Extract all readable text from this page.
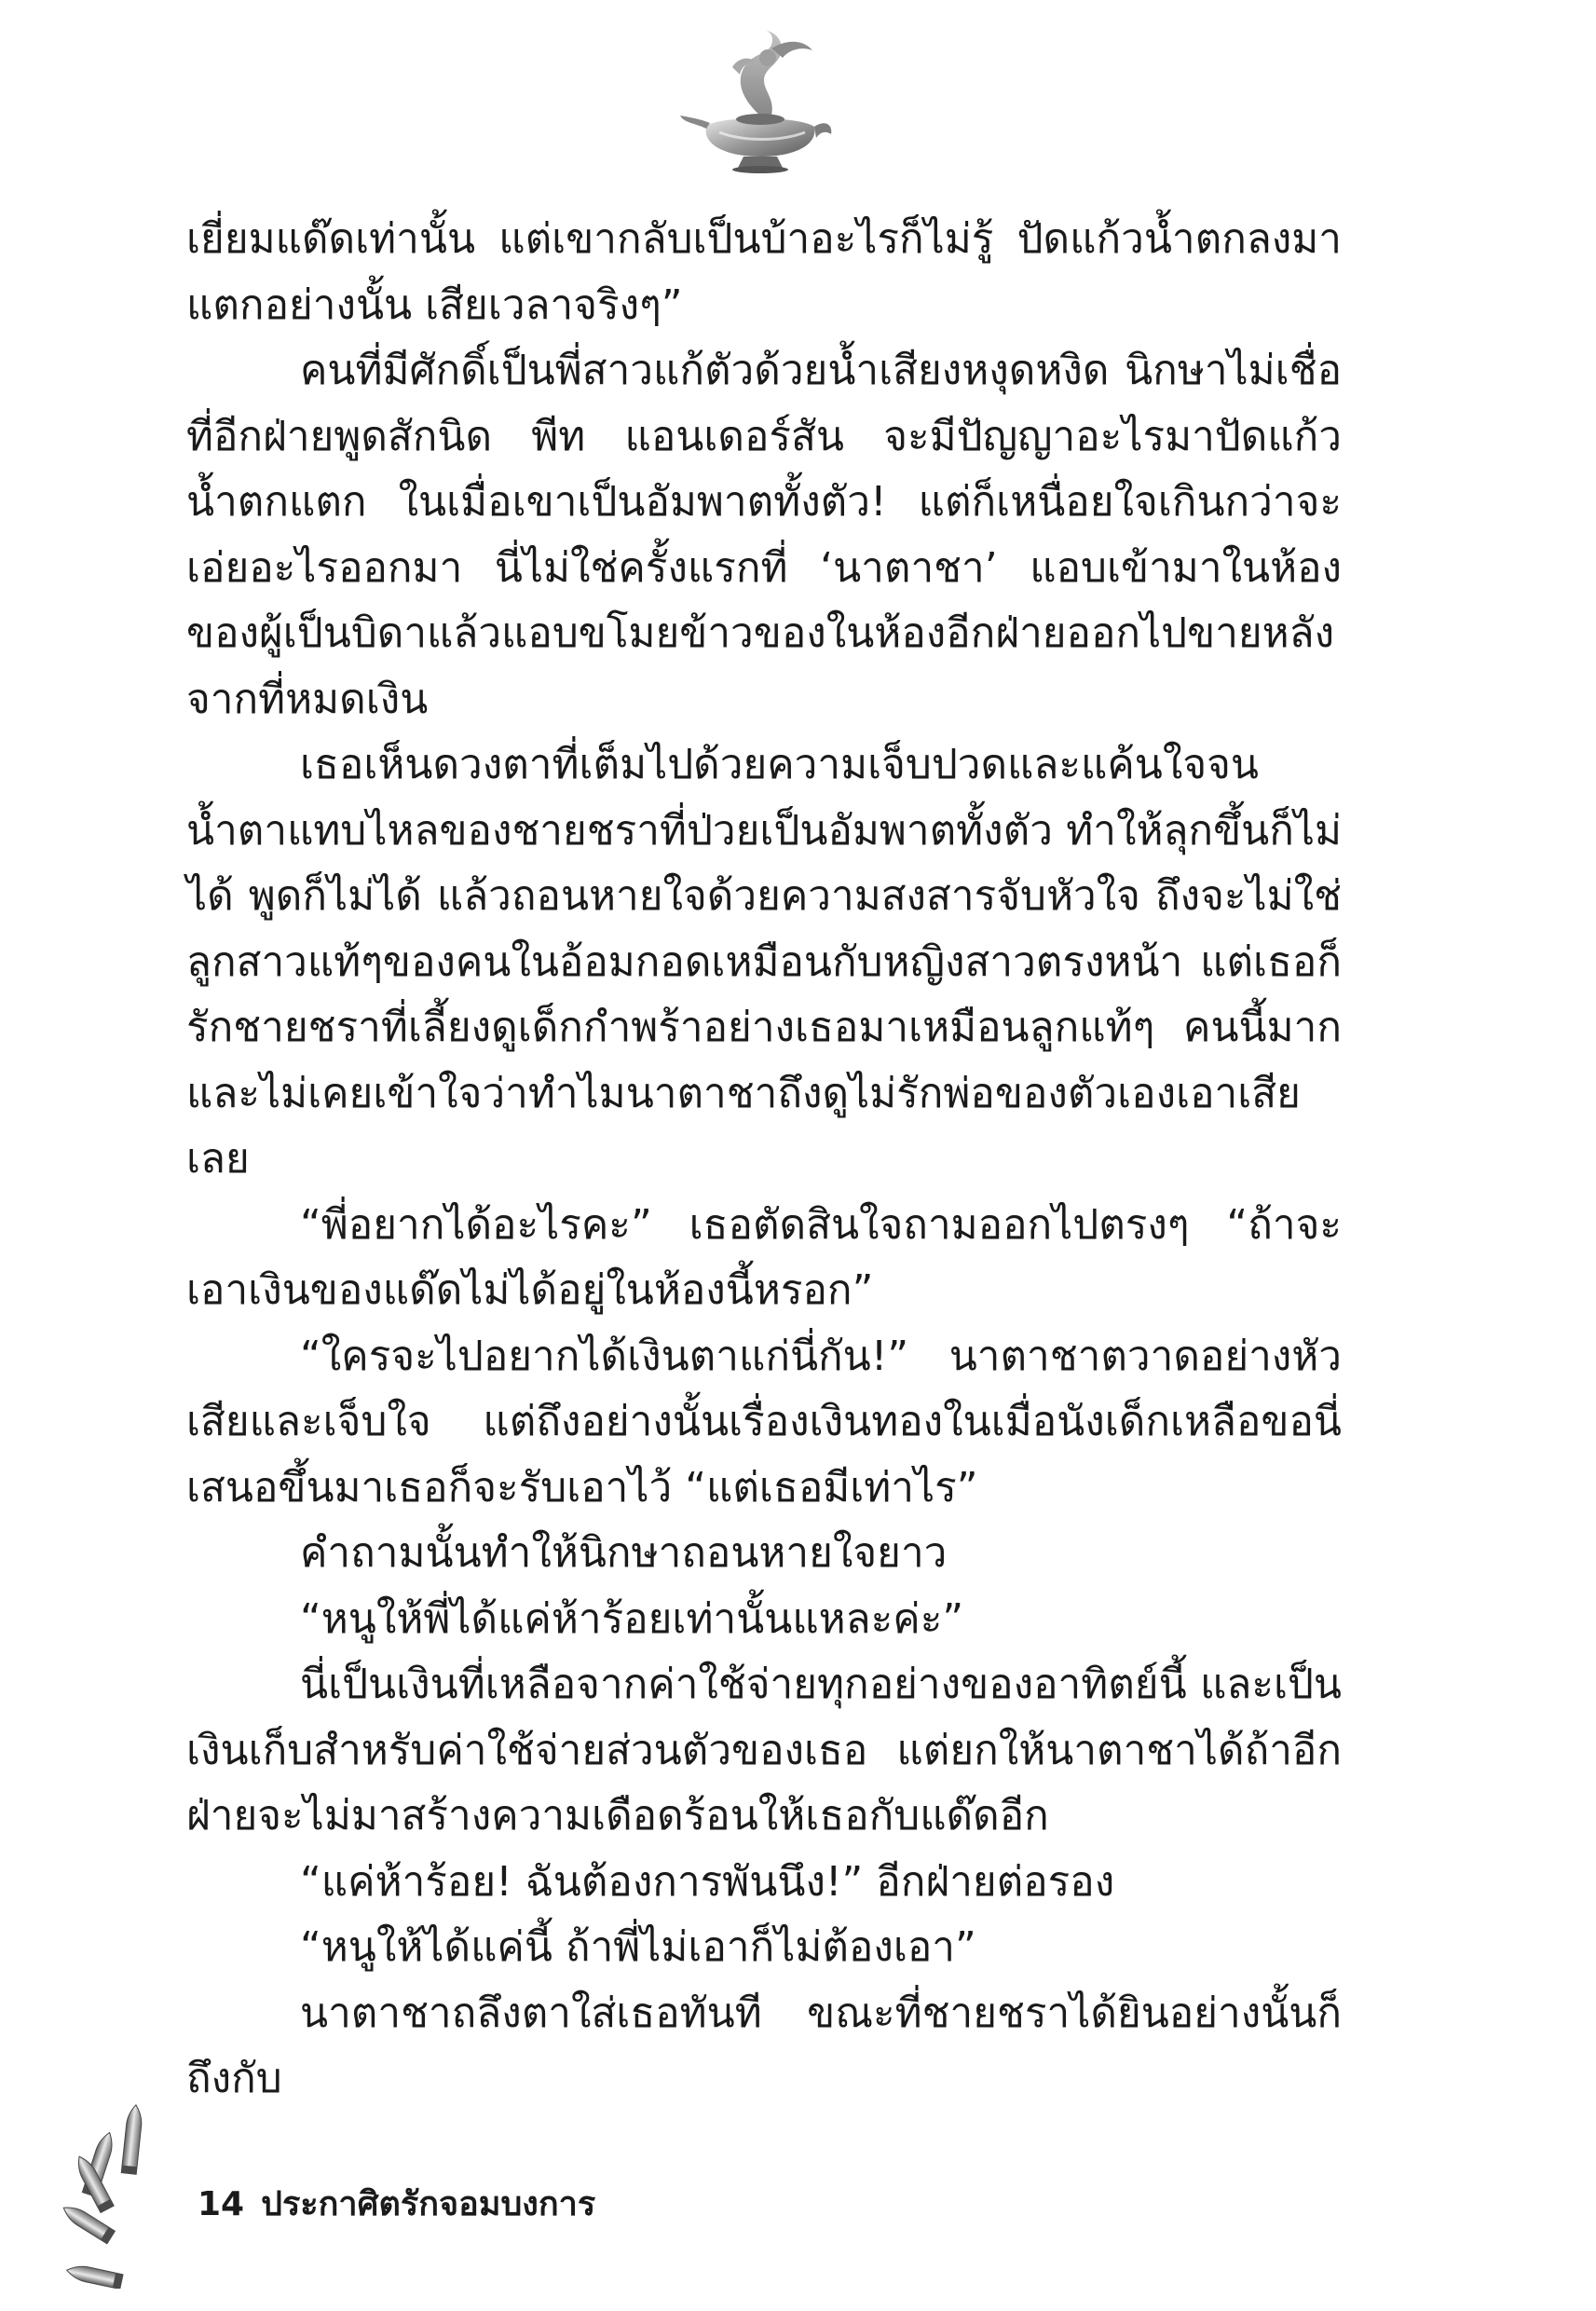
เยี่ยมแด๊ดเท่านั้น แต่เขากลับเป็นบ้าอะไรก็ไม่รู้ ปัดแก้วน้ำตกลงมาแตกอย่างนั้น เสียเวลาจริงๆ”

คนที่มีศักดิ์เป็นพี่สาวแก้ตัวด้วยน้ำเสียงหงุดหงิด นิกษาไม่เชื่อที่อีกฝ่ายพูดสักนิด พีท แอนเดอร์สัน จะมีปัญญาอะไรมาปัดแก้วน้ำตกแตก ในเมื่อเขาเป็นอัมพาตทั้งตัว! แต่ก็เหนื่อยใจเกินกว่าจะเอ่ยอะไรออกมา นี่ไม่ใช่ครั้งแรกที่ ‘นาตาชา’ แอบเข้ามาในห้องของผู้เป็นบิดาแล้วแอบขโมยข้าวของในห้องอีกฝ่ายออกไปขายหลังจากที่หมดเงิน

เธอเห็นดวงตาที่เต็มไปด้วยความเจ็บปวดและแค้นใจจนน้ำตาแทบไหลของชายชราที่ป่วยเป็นอัมพาตทั้งตัว ทำให้ลุกขึ้นก็ไม่ได้ พูดก็ไม่ได้ แล้วถอนหายใจด้วยความสงสารจับหัวใจ ถึงจะไม่ใช่ลูกสาวแท้ๆของคนในอ้อมกอดเหมือนกับหญิงสาวตรงหน้า แต่เธอก็รักชายชราที่เลี้ยงดูเด็กกำพร้าอย่างเธอมาเหมือนลูกแท้ๆ คนนี้มาก และไม่เคยเข้าใจว่าทำไมนาตาชาถึงดูไม่รักพ่อของตัวเองเอาเสียเลย

“พี่อยากได้อะไรคะ” เธอตัดสินใจถามออกไปตรงๆ “ถ้าจะเอาเงินของแด๊ดไม่ได้อยู่ในห้องนี้หรอก”

“ใครจะไปอยากได้เงินตาแก่นี่กัน!” นาตาชาตวาดอย่างหัวเสียและเจ็บใจ แต่ถึงอย่างนั้นเรื่องเงินทองในเมื่อนังเด็กเหลือขอนี่เสนอขึ้นมาเธอก็จะรับเอาไว้ “แต่เธอมีเท่าไร”

คำถามนั้นทำให้นิกษาถอนหายใจยาว

“หนูให้พี่ได้แค่ห้าร้อยเท่านั้นแหละค่ะ”

นี่เป็นเงินที่เหลือจากค่าใช้จ่ายทุกอย่างของอาทิตย์นี้ และเป็นเงินเก็บสำหรับค่าใช้จ่ายส่วนตัวของเธอ แต่ยกให้นาตาชาได้ถ้าอีกฝ่ายจะไม่มาสร้างความเดือดร้อนให้เธอกับแด๊ดอีก

“แค่ห้าร้อย! ฉันต้องการพันนึง!” อีกฝ่ายต่อรอง

“หนูให้ได้แค่นี้ ถ้าพี่ไม่เอาก็ไม่ต้องเอา”

นาตาชาถลึงตาใส่เธอทันที ขณะที่ชายชราได้ยินอย่างนั้นก็ถึงกับ

14 ประกาศิตรักจอมบงการ
